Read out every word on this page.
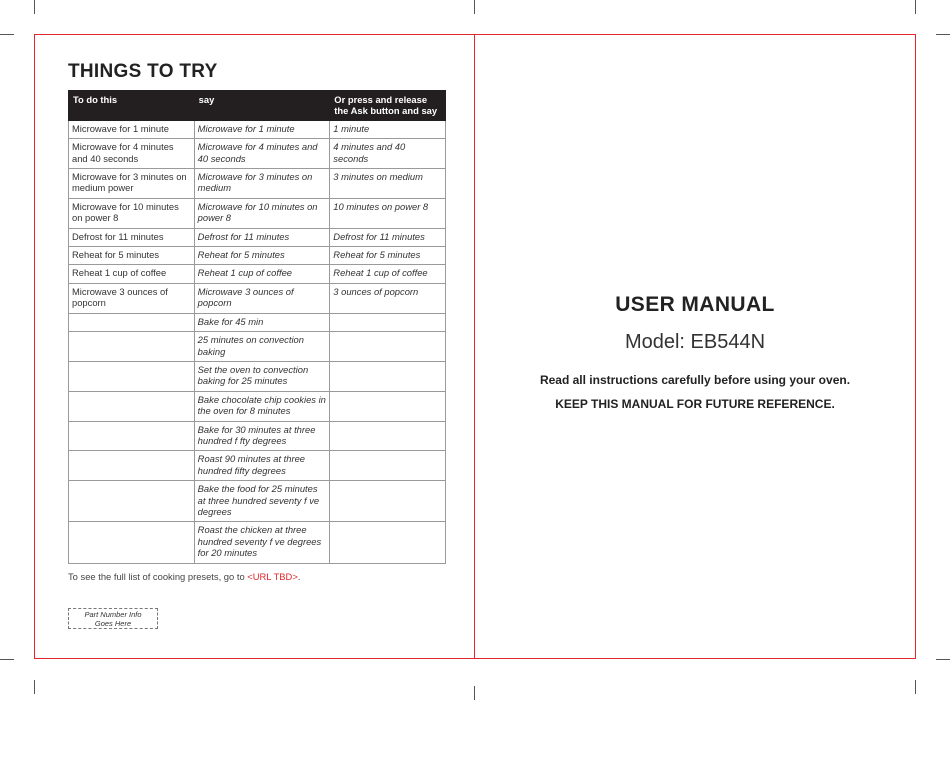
THINGS TO TRY
To do this	say	Or press and release the Ask button and say
Microwave for 1 minute	Microwave for 1 minute	1 minute
Microwave for 4 minutes and 40 seconds	Microwave for 4 minutes and 40 seconds	4 minutes and 40 seconds
Microwave for 3 minutes on medium power	Microwave for 3 minutes on medium	3 minutes on medium
Microwave for 10 minutes on power 8	Microwave for 10 minutes on power 8	10 minutes on power 8
Defrost for 11 minutes	Defrost for 11 minutes	Defrost for 11 minutes
Reheat for 5 minutes	Reheat for 5 minutes	Reheat for 5 minutes
Reheat 1 cup of coffee	Reheat 1 cup of coffee	Reheat 1 cup of coffee
Microwave 3 ounces of popcorn	Microwave 3 ounces of popcorn	3 ounces of popcorn
	Bake for 45 min	
	25 minutes on convection baking	
	Set the oven to convection baking for 25 minutes	
	Bake chocolate chip cookies in the oven for 8 minutes	
	Bake for 30 minutes at three hundred f fty degrees	
	Roast 90 minutes at three hundred fifty degrees	
	Bake the food for 25 minutes at three hundred seventy f ve degrees	
	Roast the chicken at three hundred seventy f ve degrees for 20 minutes	
To see the full list of cooking presets, go to <URL TBD>.
Part Number Info
Goes Here
USER MANUAL
Model: EB544N
Read all instructions carefully before using your oven.
KEEP THIS MANUAL FOR FUTURE REFERENCE.
